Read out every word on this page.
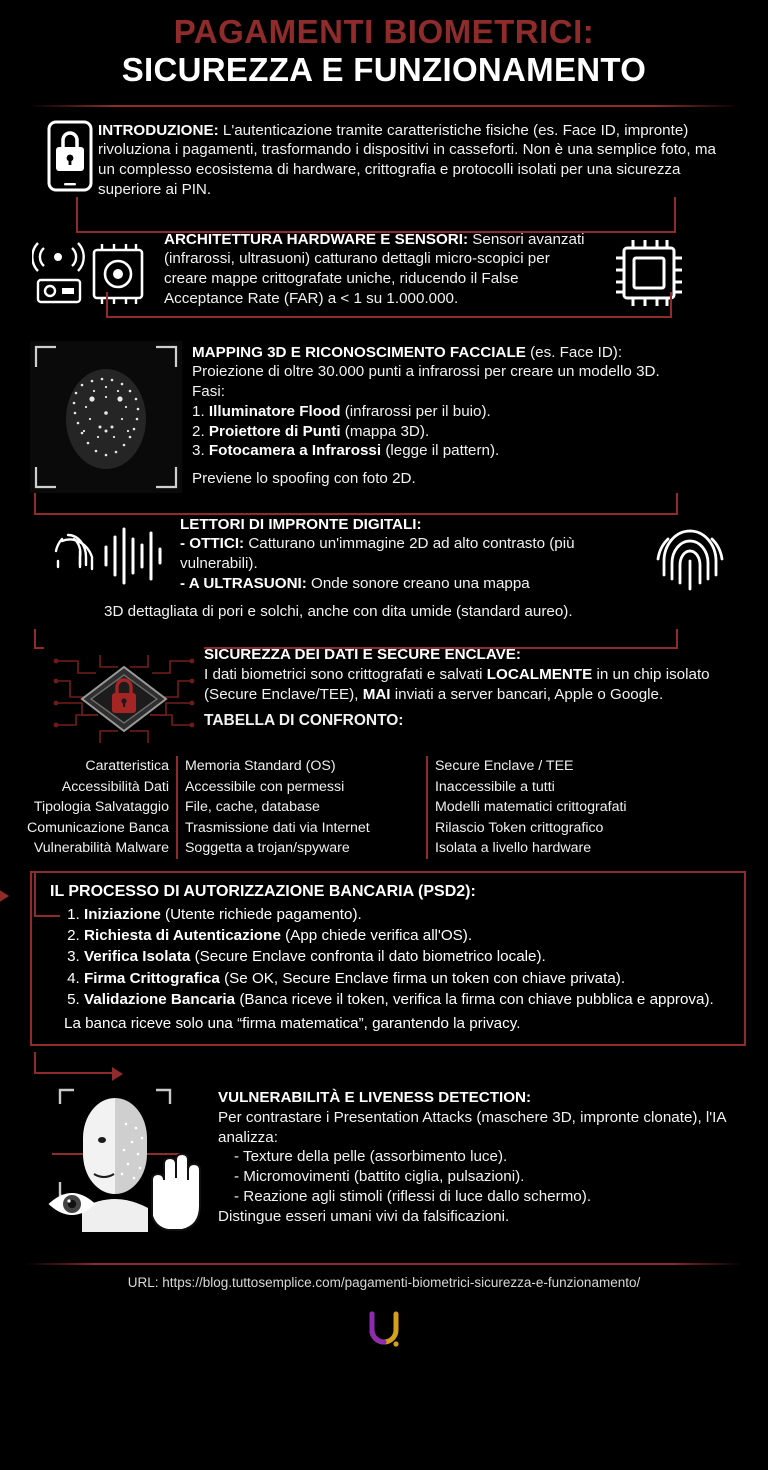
PAGAMENTI BIOMETRICI:
SICUREZZA E FUNZIONAMENTO
INTRODUZIONE: L'autenticazione tramite caratteristiche fisiche (es. Face ID, impronte) rivoluziona i pagamenti, trasformando i dispositivi in casseforti. Non è una semplice foto, ma un complesso ecosistema di hardware, crittografia e protocolli isolati per una sicurezza superiore ai PIN.
ARCHITETTURA HARDWARE E SENSORI: Sensori avanzati (infrarossi, ultrasuoni) catturano dettagli micro-scopici per creare mappe crittografate uniche, riducendo il False Acceptance Rate (FAR) a < 1 su 1.000.000.
MAPPING 3D E RICONOSCIMENTO FACCIALE (es. Face ID):
Proiezione di oltre 30.000 punti a infrarossi per creare un modello 3D.
Fasi:
1. Illuminatore Flood (infrarossi per il buio).
2. Proiettore di Punti (mappa 3D).
3. Fotocamera a Infrarossi (legge il pattern).
Previene lo spoofing con foto 2D.
LETTORI DI IMPRONTE DIGITALI:
- OTTICI: Catturano un'immagine 2D ad alto contrasto (più vulnerabili).
- A ULTRASUONI: Onde sonore creano una mappa
3D dettagliata di pori e solchi, anche con dita umide (standard aureo).
SICUREZZA DEI DATI E SECURE ENCLAVE:
I dati biometrici sono crittografati e salvati LOCALMENTE in un chip isolato (Secure Enclave/TEE), MAI inviati a server bancari, Apple o Google.
TABELLA DI CONFRONTO:
Caratteristica	Memoria Standard (OS)	Secure Enclave / TEE
Accessibilità Dati	Accessibile con permessi	Inaccessibile a tutti
Tipologia Salvataggio	File, cache, database	Modelli matematici crittografati
Comunicazione Banca	Trasmissione dati via Internet	Rilascio Token crittografico
Vulnerabilità Malware	Soggetta a trojan/spyware	Isolata a livello hardware
IL PROCESSO DI AUTORIZZAZIONE BANCARIA (PSD2):
1. Iniziazione (Utente richiede pagamento).
2. Richiesta di Autenticazione (App chiede verifica all'OS).
3. Verifica Isolata (Secure Enclave confronta il dato biometrico locale).
4. Firma Crittografica (Se OK, Secure Enclave firma un token con chiave privata).
5. Validazione Bancaria (Banca riceve il token, verifica la firma con chiave pubblica e approva).
La banca riceve solo una “firma matematica”, garantendo la privacy.
VULNERABILITÀ E LIVENESS DETECTION:
Per contrastare i Presentation Attacks (maschere 3D, impronte clonate), l'IA analizza:
- Texture della pelle (assorbimento luce).
- Micromovimenti (battito ciglia, pulsazioni).
- Reazione agli stimoli (riflessi di luce dallo schermo).
Distingue esseri umani vivi da falsificazioni.
URL: https://blog.tuttosemplice.com/pagamenti-biometrici-sicurezza-e-funzionamento/
